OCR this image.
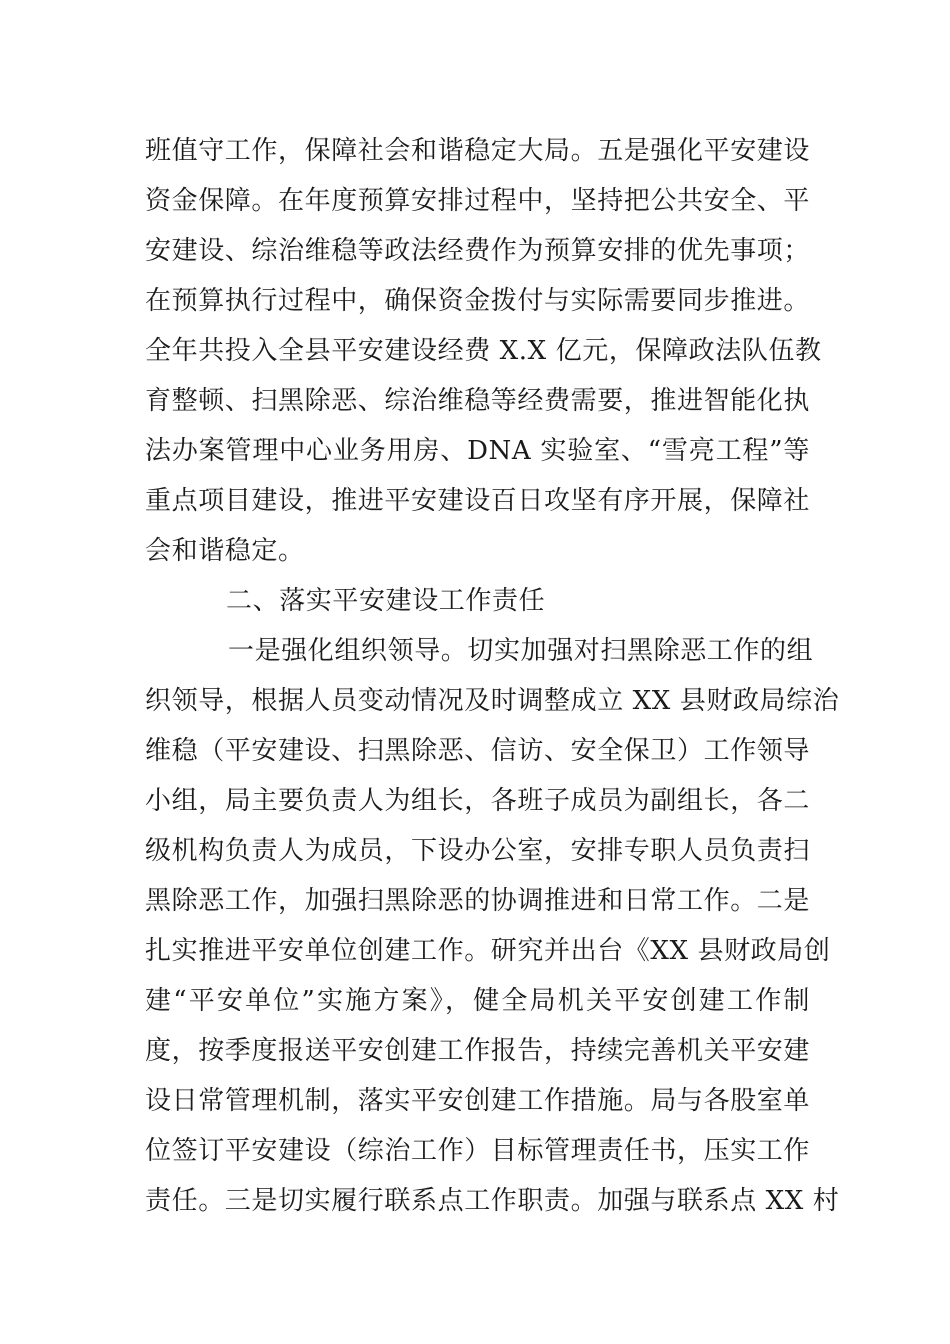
班值守工作，保障社会和谐稳定大局。五是强化平安建设
资金保障。在年度预算安排过程中，坚持把公共安全、平
安建设、综治维稳等政法经费作为预算安排的优先事项；
在预算执行过程中，确保资金拨付与实际需要同步推进。
全年共投入全县平安建设经费 X.X 亿元，保障政法队伍教
育整顿、扫黑除恶、综治维稳等经费需要，推进智能化执
法办案管理中心业务用房、DNA 实验室、“雪亮工程”等
重点项目建设，推进平安建设百日攻坚有序开展，保障社
会和谐稳定。
二、落实平安建设工作责任
一是强化组织领导。切实加强对扫黑除恶工作的组
织领导，根据人员变动情况及时调整成立 XX 县财政局综治
维稳（平安建设、扫黑除恶、信访、安全保卫）工作领导
小组，局主要负责人为组长，各班子成员为副组长，各二
级机构负责人为成员，下设办公室，安排专职人员负责扫
黑除恶工作，加强扫黑除恶的协调推进和日常工作。二是
扎实推进平安单位创建工作。研究并出台《XX 县财政局创
建“平安单位”实施方案》，健全局机关平安创建工作制
度，按季度报送平安创建工作报告，持续完善机关平安建
设日常管理机制，落实平安创建工作措施。局与各股室单
位签订平安建设（综治工作）目标管理责任书，压实工作
责任。三是切实履行联系点工作职责。加强与联系点 XX 村
